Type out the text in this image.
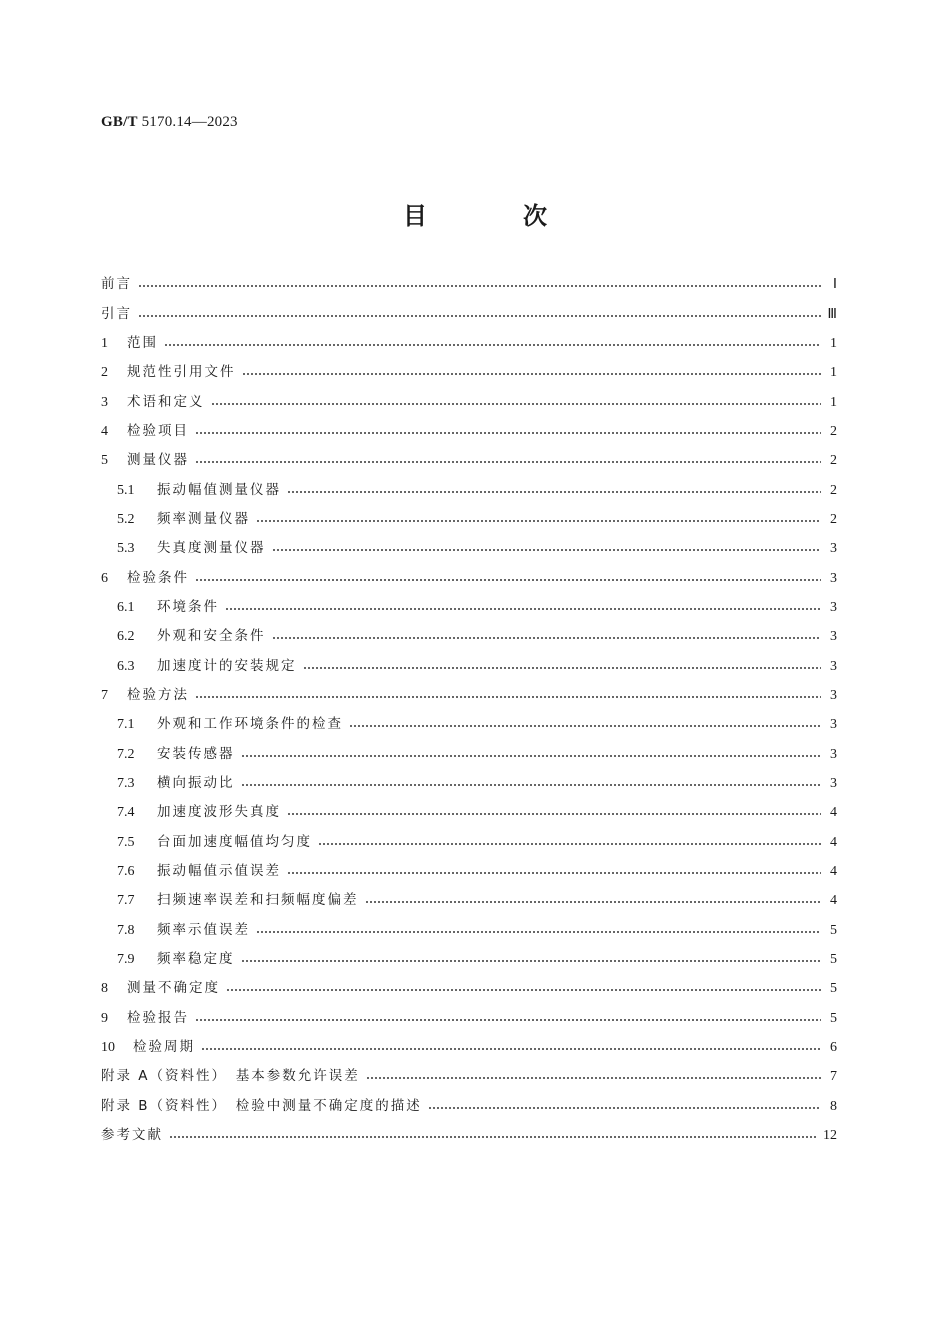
GB/T 5170.14—2023
目　次
前言	Ⅰ
引言	Ⅲ
1	范围	1
2	规范性引用文件	1
3	术语和定义	1
4	检验项目	2
5	测量仪器	2
5.1	振动幅值测量仪器	2
5.2	频率测量仪器	2
5.3	失真度测量仪器	3
6	检验条件	3
6.1	环境条件	3
6.2	外观和安全条件	3
6.3	加速度计的安装规定	3
7	检验方法	3
7.1	外观和工作环境条件的检查	3
7.2	安装传感器	3
7.3	横向振动比	3
7.4	加速度波形失真度	4
7.5	台面加速度幅值均匀度	4
7.6	振动幅值示值误差	4
7.7	扫频速率误差和扫频幅度偏差	4
7.8	频率示值误差	5
7.9	频率稳定度	5
8	测量不确定度	5
9	检验报告	5
10	检验周期	6
附录 A（资料性）　基本参数允许误差	7
附录 B（资料性）　检验中测量不确定度的描述	8
参考文献	12
